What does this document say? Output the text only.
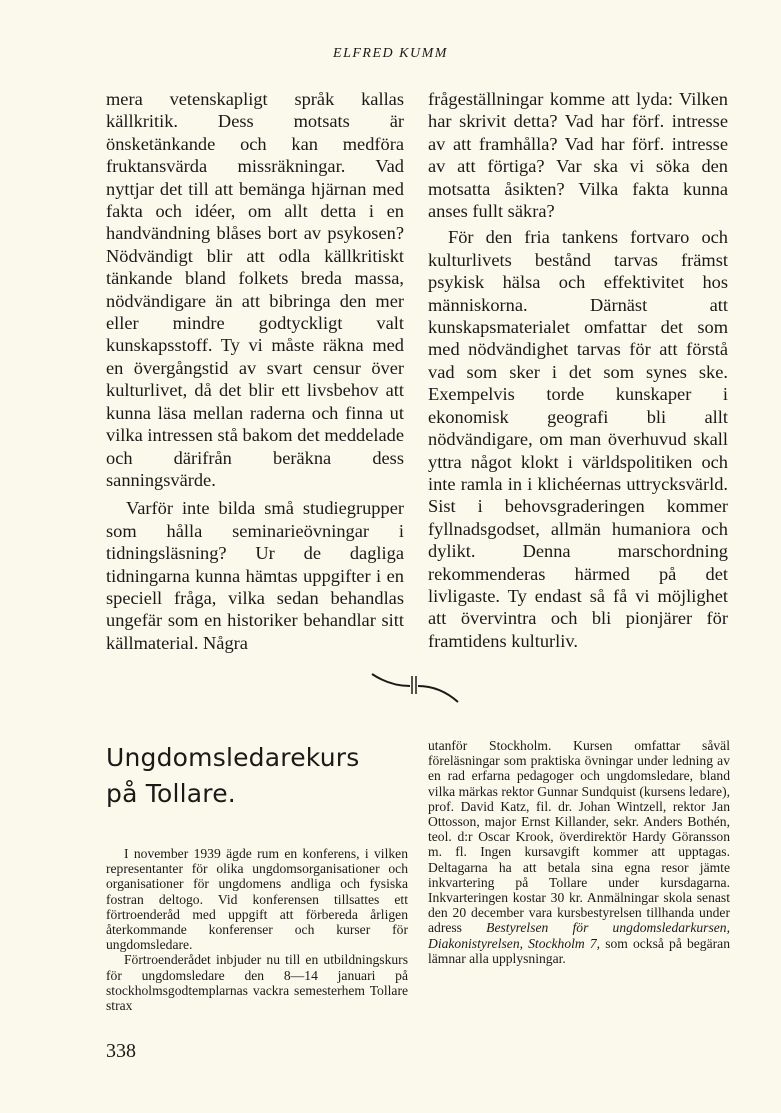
ELFRED KUMM

mera vetenskapligt språk kallas källkritik. Dess motsats är önsketänkande och kan medföra fruktansvärda missräkningar. Vad nyttjar det till att bemänga hjärnan med fakta och idéer, om allt detta i en handvändning blåses bort av psykosen? Nödvändigt blir att odla källkritiskt tänkande bland folkets breda massa, nödvändigare än att bibringa den mer eller mindre godtyckligt valt kunskapsstoff. Ty vi måste räkna med en övergångstid av svart censur över kulturlivet, då det blir ett livsbehov att kunna läsa mellan raderna och finna ut vilka intressen stå bakom det meddelade och därifrån beräkna dess sanningsvärde.

Varför inte bilda små studiegrupper som hålla seminarieövningar i tidningsläsning? Ur de dagliga tidningarna kunna hämtas uppgifter i en speciell fråga, vilka sedan behandlas ungefär som en historiker behandlar sitt källmaterial. Några

frågeställningar komme att lyda: Vilken har skrivit detta? Vad har förf. intresse av att framhålla? Vad har förf. intresse av att förtiga? Var ska vi söka den motsatta åsikten? Vilka fakta kunna anses fullt säkra?

För den fria tankens fortvaro och kulturlivets bestånd tarvas främst psykisk hälsa och effektivitet hos människorna. Därnäst att kunskapsmaterialet omfattar det som med nödvändighet tarvas för att förstå vad som sker i det som synes ske. Exempelvis torde kunskaper i ekonomisk geografi bli allt nödvändigare, om man överhuvud skall yttra något klokt i världspolitiken och inte ramla in i klichéernas uttrycksvärld. Sist i behovsgraderingen kommer fyllnadsgodset, allmän humaniora och dylikt. Denna marschordning rekommenderas härmed på det livligaste. Ty endast så få vi möjlighet att övervintra och bli pionjärer för framtidens kulturliv.

Ungdomsledarekurs
på Tollare.

I november 1939 ägde rum en konferens, i vilken representanter för olika ungdomsorganisationer och organisationer för ungdomens andliga och fysiska fostran deltogo. Vid konferensen tillsattes ett förtroenderåd med uppgift att förbereda årligen återkommande konferenser och kurser för ungdomsledare.

Förtroenderådet inbjuder nu till en utbildningskurs för ungdomsledare den 8—14 januari på stockholmsgodtemplarnas vackra semesterhem Tollare strax

utanför Stockholm. Kursen omfattar såväl föreläsningar som praktiska övningar under ledning av en rad erfarna pedagoger och ungdomsledare, bland vilka märkas rektor Gunnar Sundquist (kursens ledare), prof. David Katz, fil. dr. Johan Wintzell, rektor Jan Ottosson, major Ernst Killander, sekr. Anders Bothén, teol. d:r Oscar Krook, överdirektör Hardy Göransson m. fl. Ingen kursavgift kommer att upptagas. Deltagarna ha att betala sina egna resor jämte inkvartering på Tollare under kursdagarna. Inkvarteringen kostar 30 kr. Anmälningar skola senast den 20 december vara kursbestyrelsen tillhanda under adress Bestyrelsen för ungdomsledarkursen, Diakonistyrelsen, Stockholm 7, som också på begäran lämnar alla upplysningar.

338
